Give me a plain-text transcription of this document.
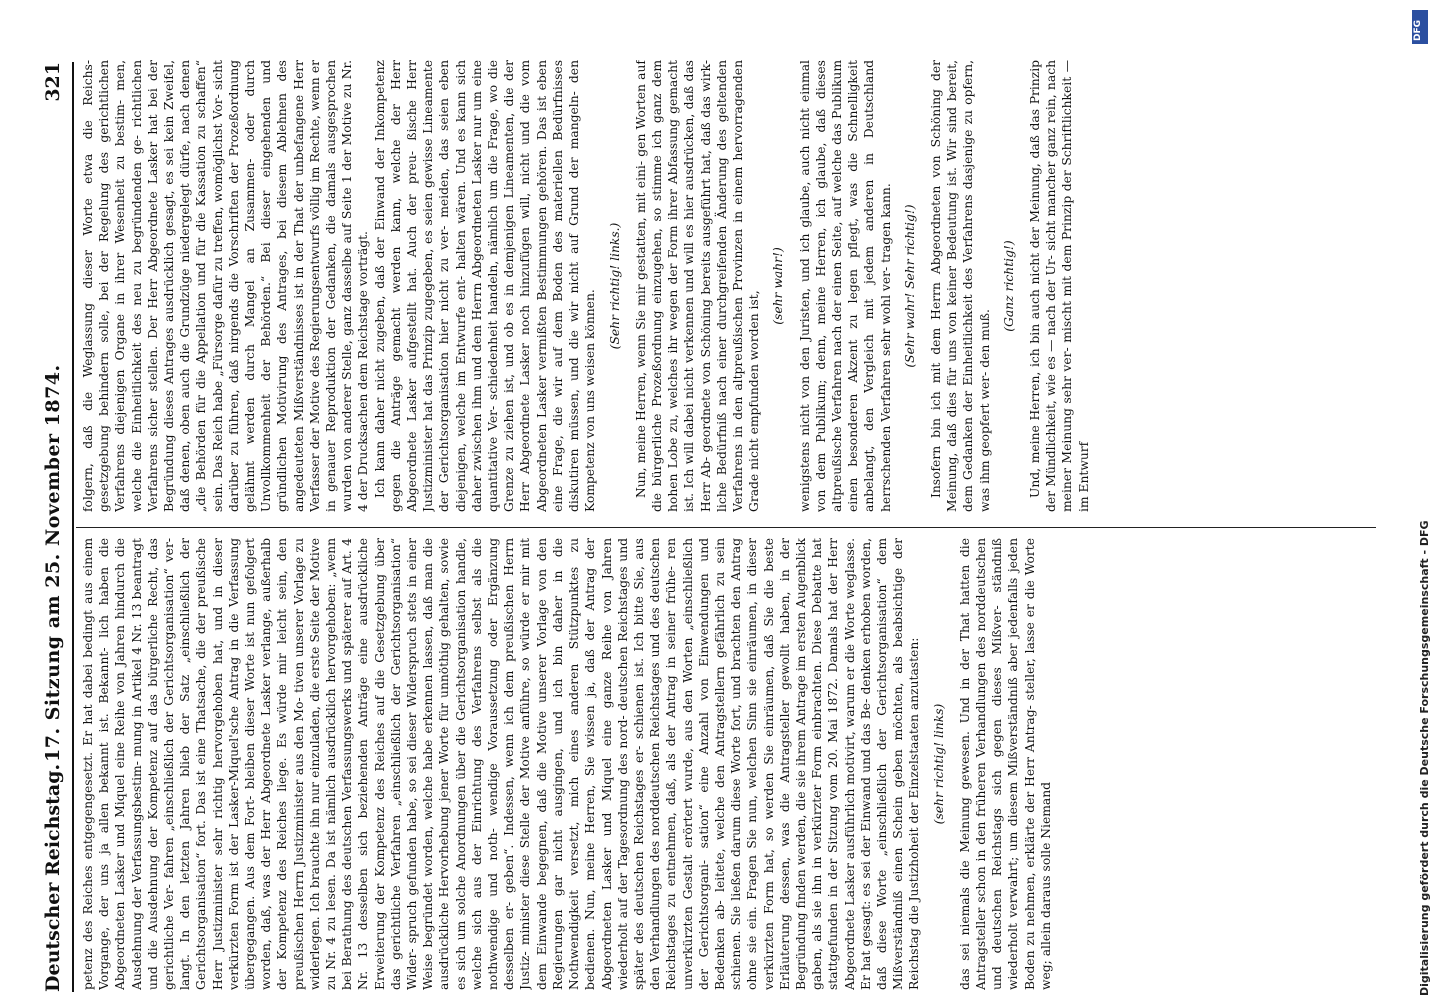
Deutscher Reichstag.
17. Sitzung am 25. November 1874.
321

petenz des Reiches entgegengesetzt. Er hat dabei bedingt aus einem Vorgange, der uns ja allen bekannt ist. Bekannt- lich haben die Abgeordneten Lasker und Miquel eine Reihe von Jahren hindurch die Ausdehnung der Verfassungsbestim- mung in Artikel 4 Nr. 13 beantragt und die Ausdehnung der Kompetenz auf das bürgerliche Recht, das gerichtliche Ver- fahren „einschließlich der Gerichtsorganisation“ ver- langt. In den letzten Jahren blieb der Satz „einschließlich der Gerichtsorganisation“ fort. Das ist eine Thatsache, die der preußische Herr Justizminister sehr richtig hervorgehoben hat, und in dieser verkürzten Form ist der Lasker-Miquel'sche Antrag in die Verfassung übergegangen. Aus dem Fort- bleiben dieser Worte ist nun gefolgert worden, daß, was der Herr Abgeordnete Lasker verlange, außerhalb der Kompetenz des Reiches liege. Es würde mir leicht sein, den preußischen Herrn Justizminister aus den Mo- tiven unserer Vorlage zu widerlegen. Ich brauchte ihn nur einzuladen, die erste Seite der Motive zu Nr. 4 zu lesen. Da ist nämlich ausdrücklich hervorgehoben: „wenn bei Berathung des deutschen Verfassungswerks und späterer auf Art. 4 Nr. 13 desselben sich beziehenden Anträge eine ausdrückliche Erweiterung der Kompetenz des Reiches auf die Gesetzgebung über das gerichtliche Verfahren „einschließlich der Gerichtsorganisation“ Wider- spruch gefunden habe, so sei dieser Widerspruch stets in einer Weise begründet worden, welche habe erkennen lassen, daß man die ausdrückliche Hervorhebung jener Worte für unnöthig gehalten, sowie es sich um solche Anordnungen über die Gerichtsorganisation handle, welche sich aus der Einrichtung des Verfahrens selbst als die nothwendige und noth- wendige Voraussetzung oder Ergänzung desselben er- geben“. Indessen, wenn ich dem preußischen Herrn Justiz- minister diese Stelle der Motive anführe, so würde er mir mit dem Einwande begegnen, daß die Motive unserer Vorlage von den Regierungen gar nicht ausgingen, und ich bin daher in die Nothwendigkeit versetzt, mich eines anderen Stützpunktes zu bedienen. Nun, meine Herren, Sie wissen ja, daß der Antrag der Abgeordneten Lasker und Miquel eine ganze Reihe von Jahren wiederholt auf der Tagesordnung des nord- deutschen Reichstages und später des deutschen Reichstages er- schienen ist. Ich bitte Sie, aus den Verhandlungen des norddeutschen Reichstages und des deutschen Reichstages zu entnehmen, daß, als der Antrag in seiner frühe- ren unverkürzten Gestalt erörtert wurde, aus den Worten „einschließlich der Gerichtsorgani- sation“ eine Anzahl von Einwendungen und Bedenken ab- leitete, welche den Antragstellern gefährlich zu sein schienen. Sie ließen darum diese Worte fort, und brachten den Antrag ohne sie ein. Fragen Sie nun, welchen Sinn sie einräumen, in dieser verkürzten Form hat, so werden Sie einräumen, daß Sie die beste Erläuterung dessen, was die Antragsteller gewollt haben, in der Begründung finden werden, die sie ihrem Antrage im ersten Augenblick gaben, als sie ihn in verkürzter Form einbrachten. Diese Debatte hat stattgefunden in der Sitzung vom 20. Mai 1872. Damals hat der Herr Abgeordnete Lasker ausführlich motivirt, warum er die Worte weglasse. Er hat gesagt: es sei der Einwand und das Be- denken erhoben worden, daß diese Worte „einschließlich der Gerichtsorganisation“ dem Mißverständniß einen Schein geben möchten, als beabsichtige der Reichstag die Justizhoheit der Einzelstaaten anzutasten: (sehr richtig! links) das sei niemals die Meinung gewesen. Und in der That hatten die Antragsteller schon in den früheren Verhandlungen des norddeutschen und deutschen Reichstags sich gegen dieses Mißver- ständniß wiederholt verwahrt; um diesem Mißverständniß aber jedenfalls jeden Boden zu nehmen, erklärte der Herr Antrag- steller, lasse er die Worte weg; allein daraus solle Niemand

folgern, daß die Weglassung dieser Worte etwa die Reichs- gesetzgebung behindern solle, bei der Regelung des gerichtlichen Verfahrens diejenigen Organe in ihrer Wesenheit zu bestim- men, welche die Einheitlichkeit des neu zu begründenden ge- richtlichen Verfahrens sicher stellen. Der Herr Abgeordnete Lasker hat bei der Begründung dieses Antrages ausdrücklich gesagt, es sei kein Zweifel, daß denen, oben auch die Grundzüge niedergelegt dürfe, nach denen „die Behörden für die Appellation und für die Kassation zu schaffen“ sein. Das Reich habe „Fürsorge dafür zu treffen, womöglichst Vor- sicht darüber zu führen, daß nirgends die Vorschriften der Prozeßordnung gelähmt werden durch Mangel an Zusammen- oder durch Unvollkommenheit der Behörden.“ Bei dieser eingehenden und gründlichen Motivirung des Antrages, bei diesem Ablehnen des angedeuteten Mißverständnisses ist in der That der unbefangene Herr Verfasser der Motive des Regierungsentwurfs völlig im Rechte, wenn er in genauer Reproduktion der Gedanken, die damals ausgesprochen wurden von anderer Stelle, ganz dasselbe auf Seite 1 der Motive zu Nr. 4 der Drucksachen dem Reichstage vorträgt. Ich kann daher nicht zugeben, daß der Einwand der Inkompetenz gegen die Anträge gemacht werden kann, welche der Herr Abgeordnete Lasker aufgestellt hat. Auch der preu- ßische Herr Justizminister hat das Prinzip zugegeben, es seien gewisse Lineamente der Gerichtsorganisation hier nicht zu ver- meiden, das seien eben diejenigen, welche im Entwurfe ent- halten wären. Und es kann sich daher zwischen ihm und dem Herrn Abgeordneten Lasker nur um eine quantitative Ver- schiedenheit handeln, nämlich um die Frage, wo die Grenze zu ziehen ist, und ob es in demjenigen Lineamenten, die der Herr Abgeordnete Lasker noch hinzufügen will, nicht und die vom Abgeordneten Lasker vermißten Bestimmungen gehören. Das ist eben eine Frage, die wir auf dem Boden des materiellen Bedürfnisses diskutiren müssen, und die wir nicht auf Grund der mangeln- den Kompetenz von uns weisen können.

(Sehr richtig! links.) Nun, meine Herren, wenn Sie mir gestatten, mit eini- gen Worten auf die bürgerliche Prozeßordnung einzugehen, so stimme ich ganz dem hohen Lobe zu, welches ihr wegen der Form ihrer Abfassung gemacht ist. Ich will dabei nicht verkennen und will es hier ausdrücken, daß das Herr Ab- geordnete von Schöning bereits ausgeführt hat, daß das wirk- liche Bedürfniß nach einer durchgreifenden Änderung des geltenden Verfahrens in den altpreußischen Provinzen in einem hervorragenden Grade nicht empfunden worden ist,

(sehr wahr!) wenigstens nicht von den Juristen, und ich glaube, auch nicht einmal von dem Publikum; denn, meine Herren, ich glaube, daß dieses altpreußische Verfahren nach der einen Seite, auf welche das Publikum einen besonderen Akzent zu legen pflegt, was die Schnelligkeit anbelangt, den Vergleich mit jedem anderen in Deutschland herrschenden Verfahren sehr wohl ver- tragen kann. (Sehr wahr! Sehr richtig!) Insofern bin ich mit dem Herrn Abgeordneten von Schöning der Meinung, daß dies für uns von keiner Bedeutung ist. Wir sind bereit, dem Gedanken der Einheitlichkeit des Verfahrens dasjenige zu opfern, was ihm geopfert wer- den muß.

(Ganz richtig!) Und, meine Herren, ich bin auch nicht der Meinung, daß das Prinzip der Mündlichkeit, wie es — nach der Ur- sicht mancher ganz rein, nach meiner Meinung sehr ver- mischt mit dem Prinzip der Schriftlichkeit — im Entwurf

DFG
Digitalisierung gefördert durch die Deutsche Forschungsgemeinschaft - DFG
